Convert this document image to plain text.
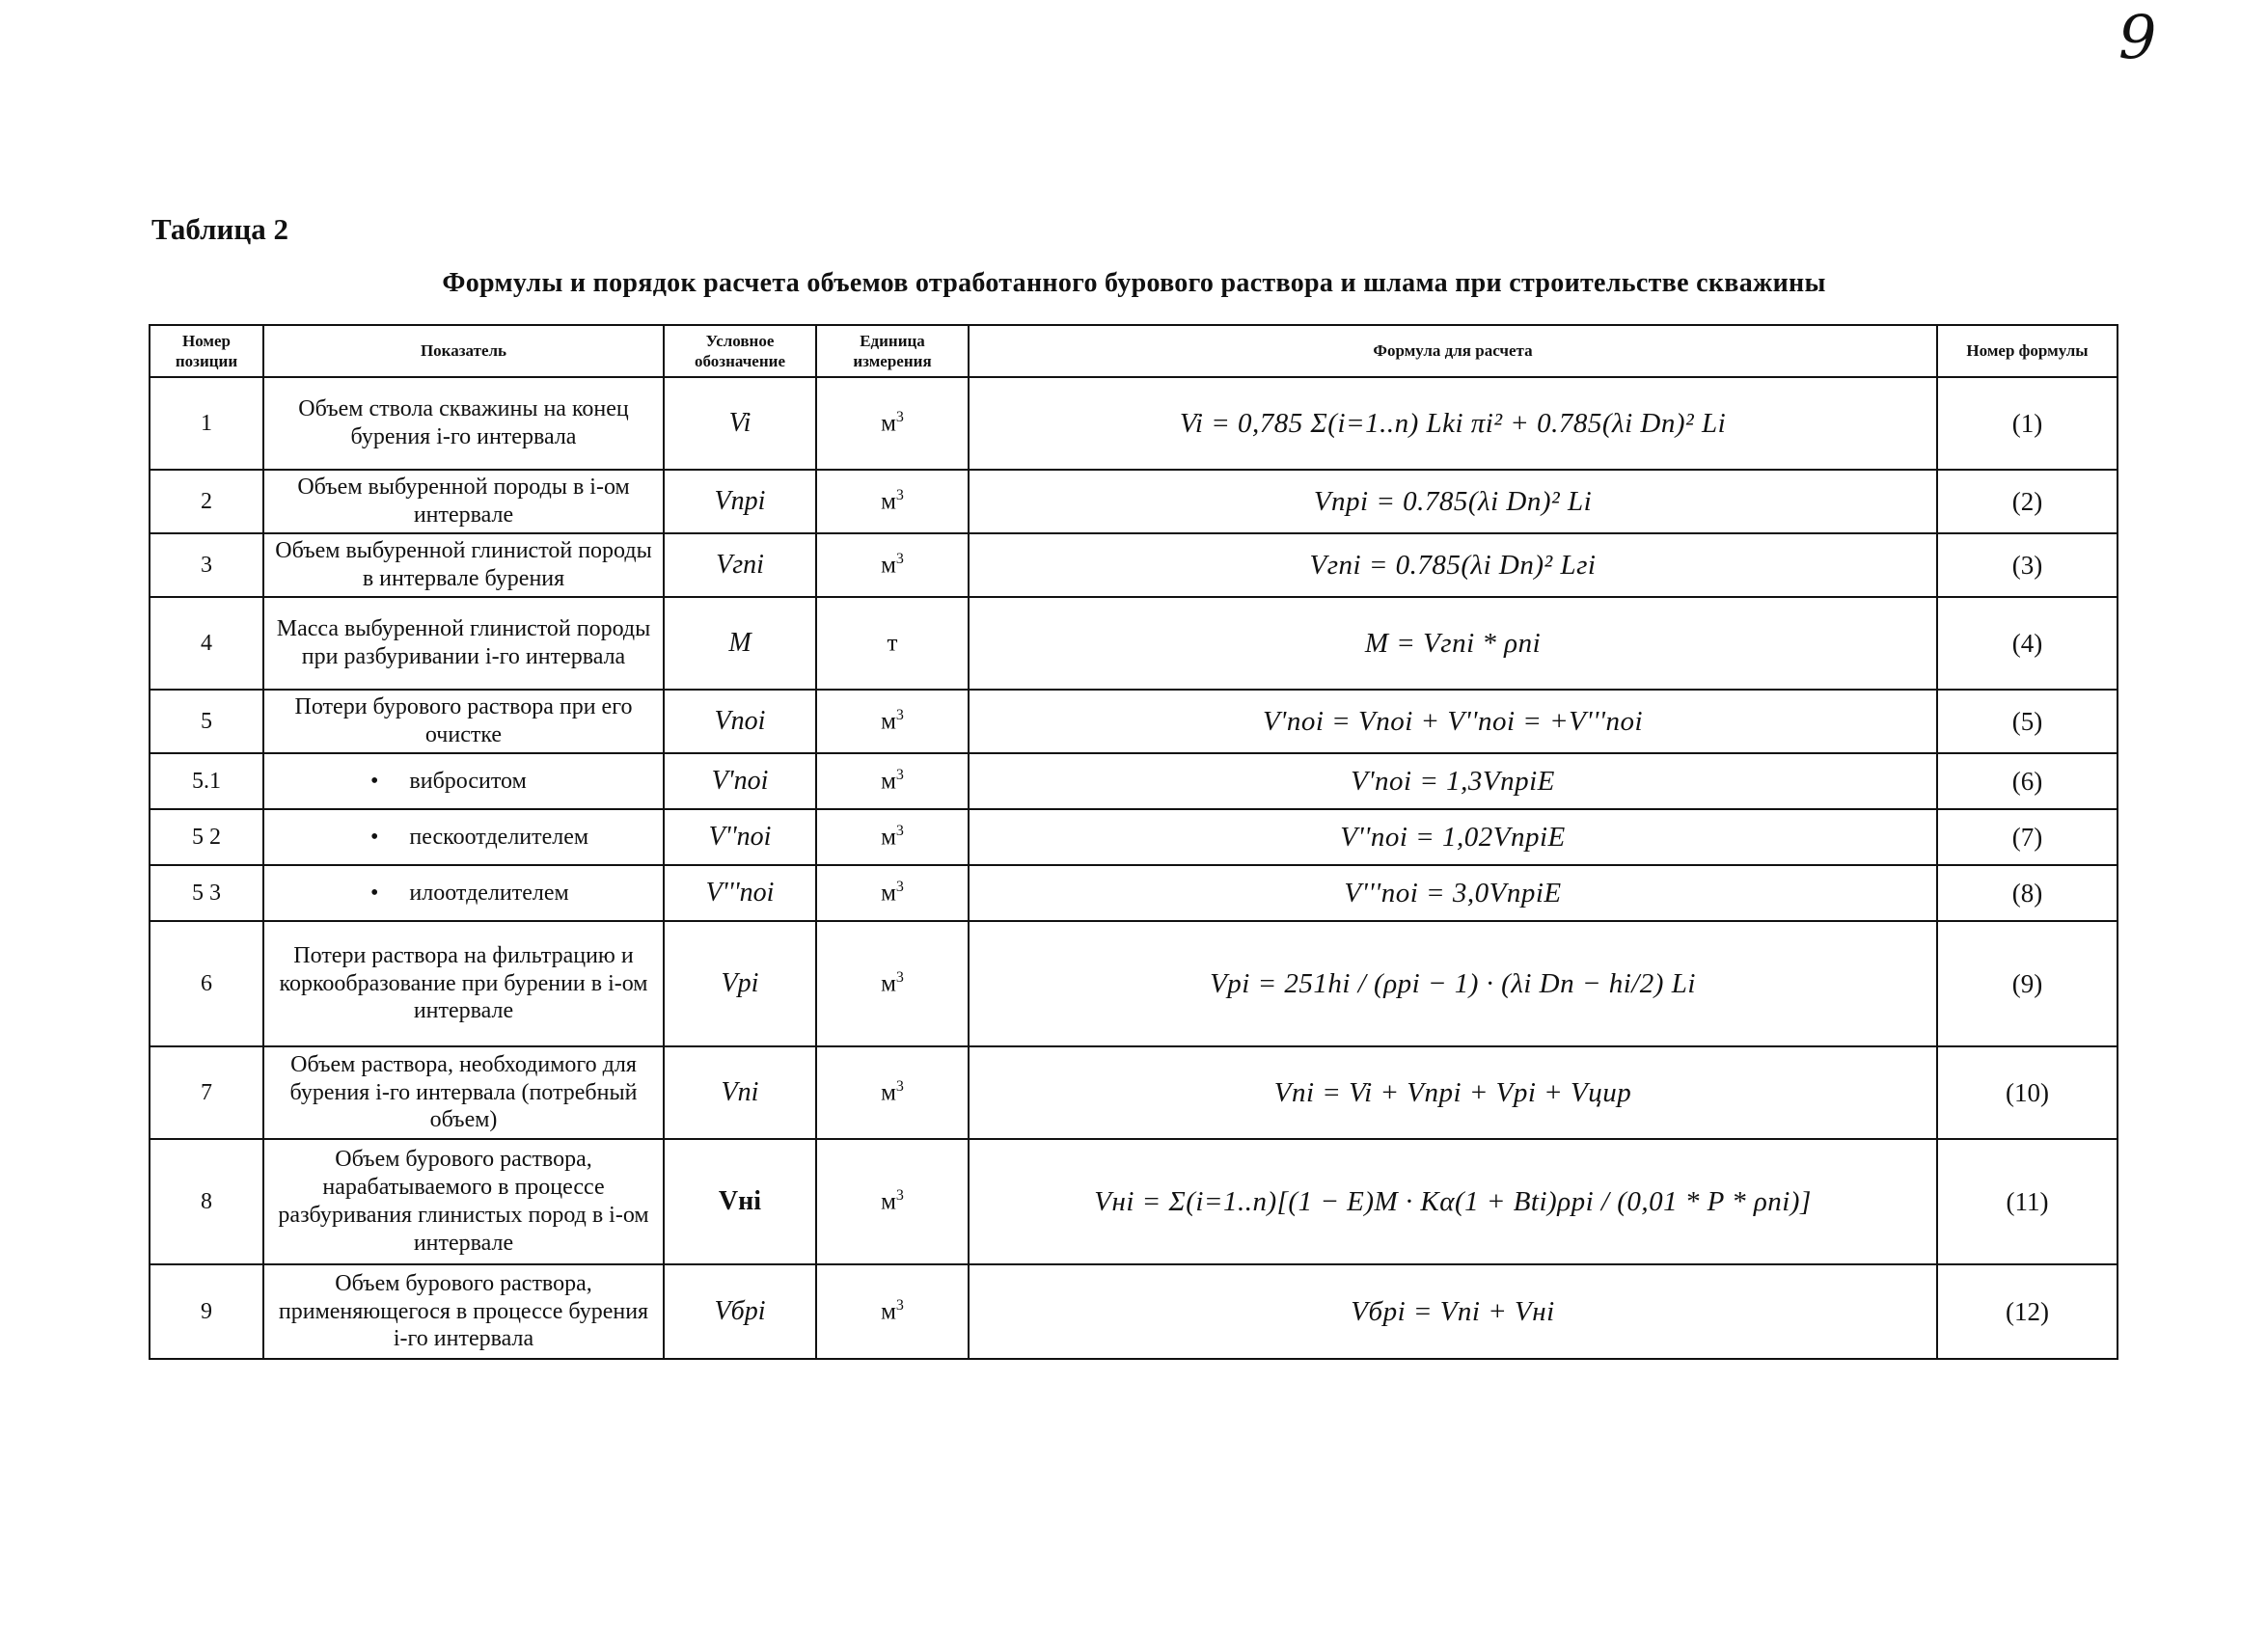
9
Таблица 2
Формулы и порядок расчета объемов отработанного бурового раствора и шлама при строительстве скважины
Номер позиции	Показатель	Условное обозначение	Единица измерения	Формула для расчета	Номер формулы
1	Объем ствола скважины на конец бурения i-го интервала	Vi	$м^3$	Vi = 0,785 Σ(i=1..n) Lki πi² + 0.785(λi Dп)² Li	(1)
2	Объем выбуренной породы в i-ом интервале	Vпрi	$м^3$	Vпрi = 0.785(λi Dп)² Li	(2)
3	Объем выбуренной глинистой породы в интервале бурения	Vгпi	$м^3$	Vгпi = 0.785(λi Dп)² Lгi	(3)
4	Масса выбуренной глинистой породы при разбуривании i-го интервала	M	т	M = Vгпi * ρпi	(4)
5	Потери бурового раствора при его очистке	Vпоi	$м^3$	V'поi = Vпоi + V''поi = +V'''поi	(5)
5.1	• виброситом	V'поi	$м^3$	V'поi = 1,3VпрiE	(6)
5 2	• пескоотделителем	V''поi	$м^3$	V''поi = 1,02VпрiE	(7)
5 3	• илоотделителем	V'''поi	$м^3$	V'''поi = 3,0VпрiE	(8)
6	Потери раствора на фильтрацию и коркообразование при бурении в i-ом интервале	Vрi	$м^3$	Vрi = 251hi / (ρрi − 1) · (λi Dп − hi/2) Li	(9)
7	Объем раствора, необходимого для бурения i-го интервала (потребный объем)	Vпi	$м^3$	Vпi = Vi + Vпрi + Vрi + Vцир	(10)
8	Объем бурового раствора, нарабатываемого в процессе разбуривания глинистых пород в i-ом интервале	Vнi	$м^3$	Vнi = Σ(i=1..n)[(1 − E)M · Kα(1 + Bti)ρрi / (0,01 * P * ρпi)]	(11)
9	Объем бурового раствора, применяющегося в процессе бурения i-го интервала	Vбрi	$м^3$	Vбрi = Vпi + Vнi	(12)
